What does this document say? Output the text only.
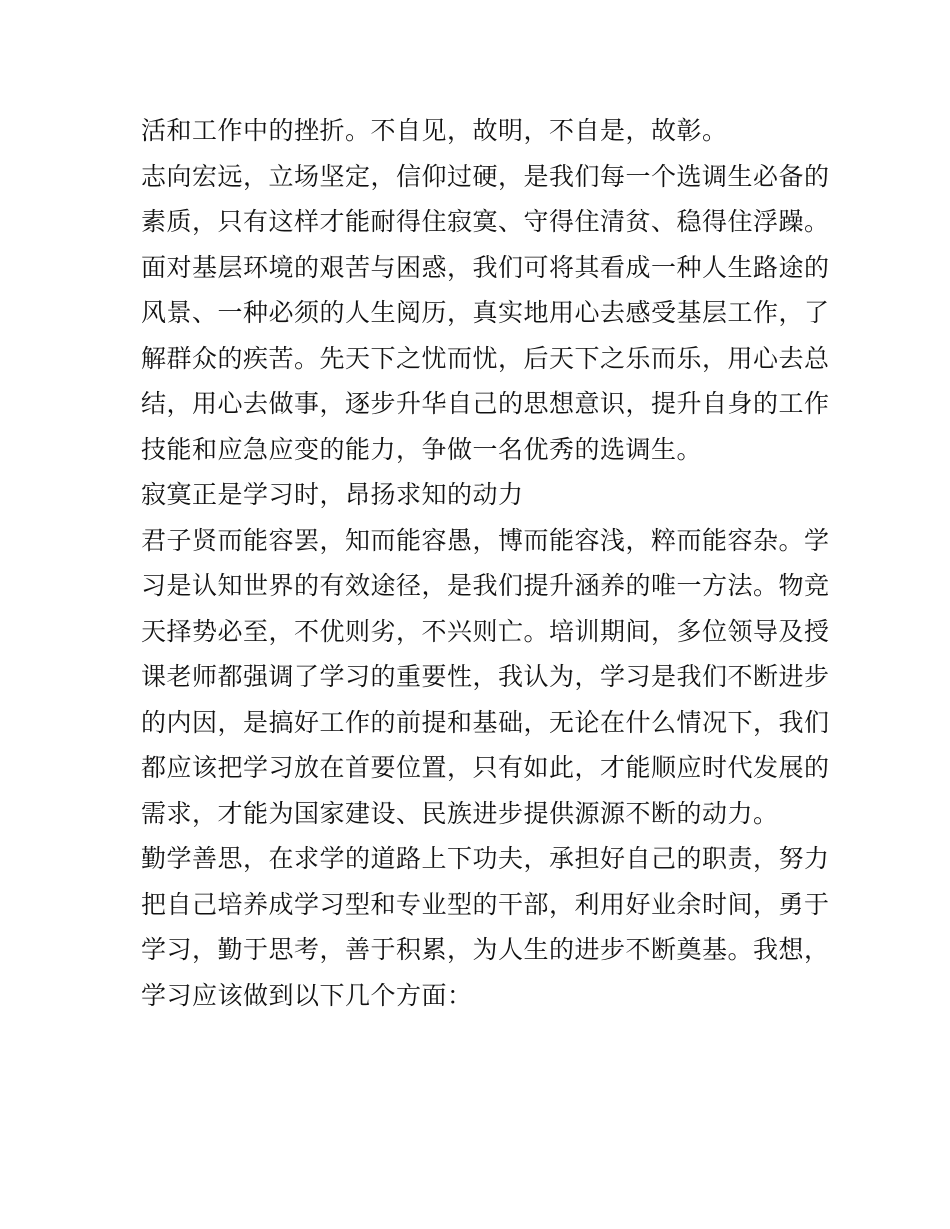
活和工作中的挫折。不自见，故明，不自是，故彰。
志向宏远，立场坚定，信仰过硬，是我们每一个选调生必备的
素质，只有这样才能耐得住寂寞、守得住清贫、稳得住浮躁。
面对基层环境的艰苦与困惑，我们可将其看成一种人生路途的
风景、一种必须的人生阅历，真实地用心去感受基层工作，了
解群众的疾苦。先天下之忧而忧，后天下之乐而乐，用心去总
结，用心去做事，逐步升华自己的思想意识，提升自身的工作
技能和应急应变的能力，争做一名优秀的选调生。
寂寞正是学习时，昂扬求知的动力
君子贤而能容罢，知而能容愚，博而能容浅，粹而能容杂。学
习是认知世界的有效途径，是我们提升涵养的唯一方法。物竞
天择势必至，不优则劣，不兴则亡。培训期间，多位领导及授
课老师都强调了学习的重要性，我认为，学习是我们不断进步
的内因，是搞好工作的前提和基础，无论在什么情况下，我们
都应该把学习放在首要位置，只有如此，才能顺应时代发展的
需求，才能为国家建设、民族进步提供源源不断的动力。
勤学善思，在求学的道路上下功夫，承担好自己的职责，努力
把自己培养成学习型和专业型的干部，利用好业余时间，勇于
学习，勤于思考，善于积累，为人生的进步不断奠基。我想，
学习应该做到以下几个方面：
